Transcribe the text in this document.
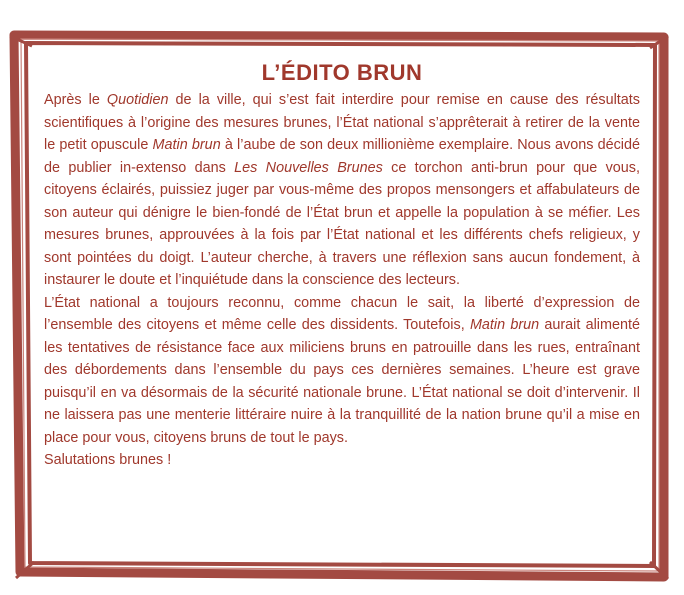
L’ÉDITO BRUN

Après le Quotidien de la ville, qui s’est fait interdire pour remise en cause des résultats scientifiques à l’origine des mesures brunes, l’État national s’apprêterait à retirer de la vente le petit opuscule Matin brun à l’aube de son deux millionième exemplaire. Nous avons décidé de publier in-extenso dans Les Nouvelles Brunes ce torchon anti-brun pour que vous, citoyens éclairés, puissiez juger par vous-même des propos mensongers et affabulateurs de son auteur qui dénigre le bien-fondé de l’État brun et appelle la population à se méfier. Les mesures brunes, approuvées à la fois par l’État national et les différents chefs religieux, y sont pointées du doigt. L’auteur cherche, à travers une réflexion sans aucun fondement, à instaurer le doute et l’inquiétude dans la conscience des lecteurs.

L’État national a toujours reconnu, comme chacun le sait, la liberté d’expression de l’ensemble des citoyens et même celle des dissidents. Toutefois, Matin brun aurait alimenté les tentatives de résistance face aux miliciens bruns en patrouille dans les rues, entraînant des débordements dans l’ensemble du pays ces dernières semaines. L’heure est grave puisqu’il en va désormais de la sécurité nationale brune. L’État national se doit d’intervenir. Il ne laissera pas une menterie littéraire nuire à la tranquillité de la nation brune qu’il a mise en place pour vous, citoyens bruns de tout le pays.

Salutations brunes !
